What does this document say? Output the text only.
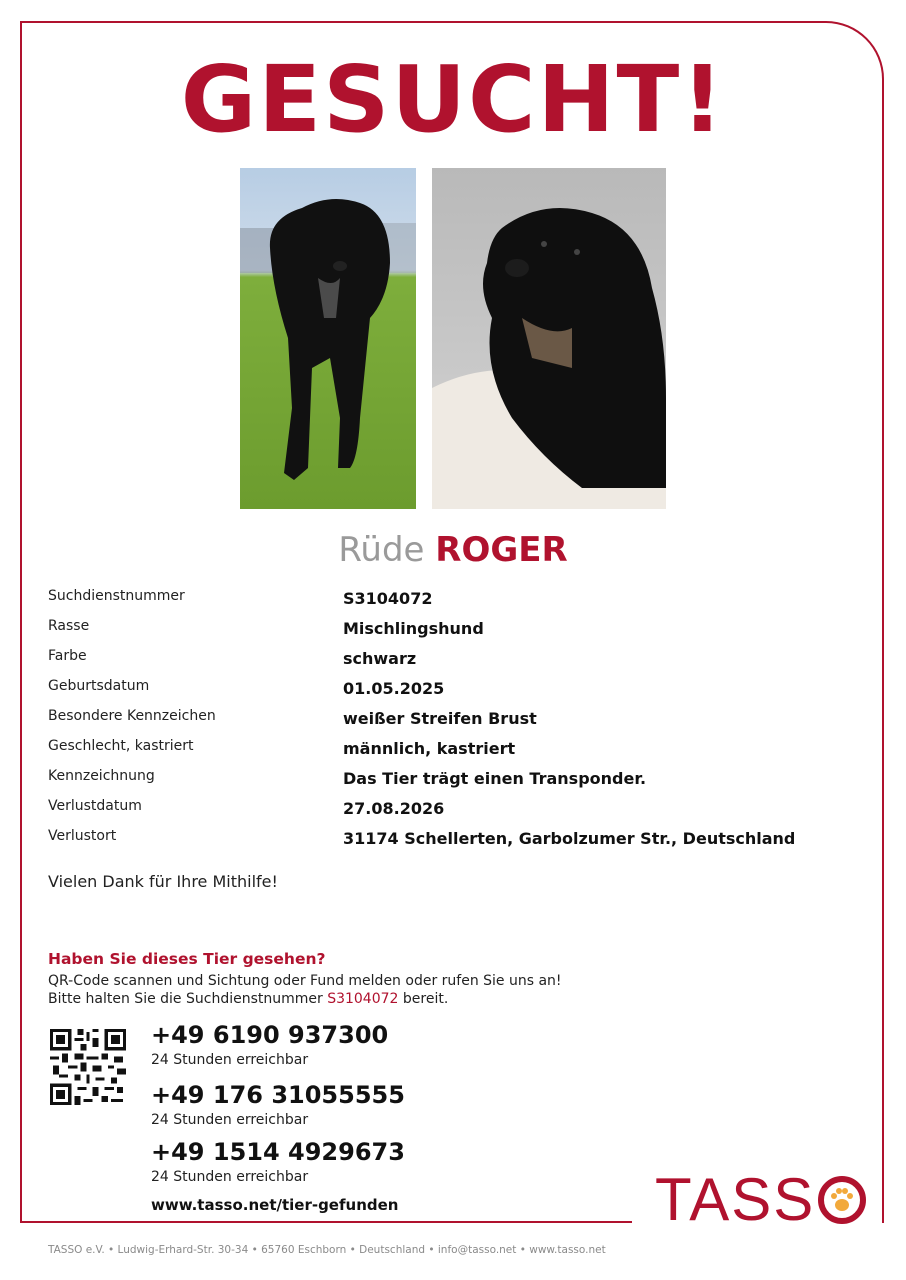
GESUCHT!
Rüde ROGER
Suchdienstnummer	S3104072
Rasse	Mischlingshund
Farbe	schwarz
Geburtsdatum	01.05.2025
Besondere Kennzeichen	weißer Streifen Brust
Geschlecht, kastriert	männlich, kastriert
Kennzeichnung	Das Tier trägt einen Transponder.
Verlustdatum	27.08.2026
Verlustort	31174 Schellerten, Garbolzumer Str., Deutschland
Vielen Dank für Ihre Mithilfe!
Haben Sie dieses Tier gesehen?
QR-Code scannen und Sichtung oder Fund melden oder rufen Sie uns an!
Bitte halten Sie die Suchdienstnummer S3104072 bereit.
+49 6190 937300
24 Stunden erreichbar
+49 176 31055555
24 Stunden erreichbar
+49 1514 4929673
24 Stunden erreichbar
www.tasso.net/tier-gefunden	TASS
TASSO e.V. • Ludwig-Erhard-Str. 30-34 • 65760 Eschborn • Deutschland • info@tasso.net • www.tasso.net
